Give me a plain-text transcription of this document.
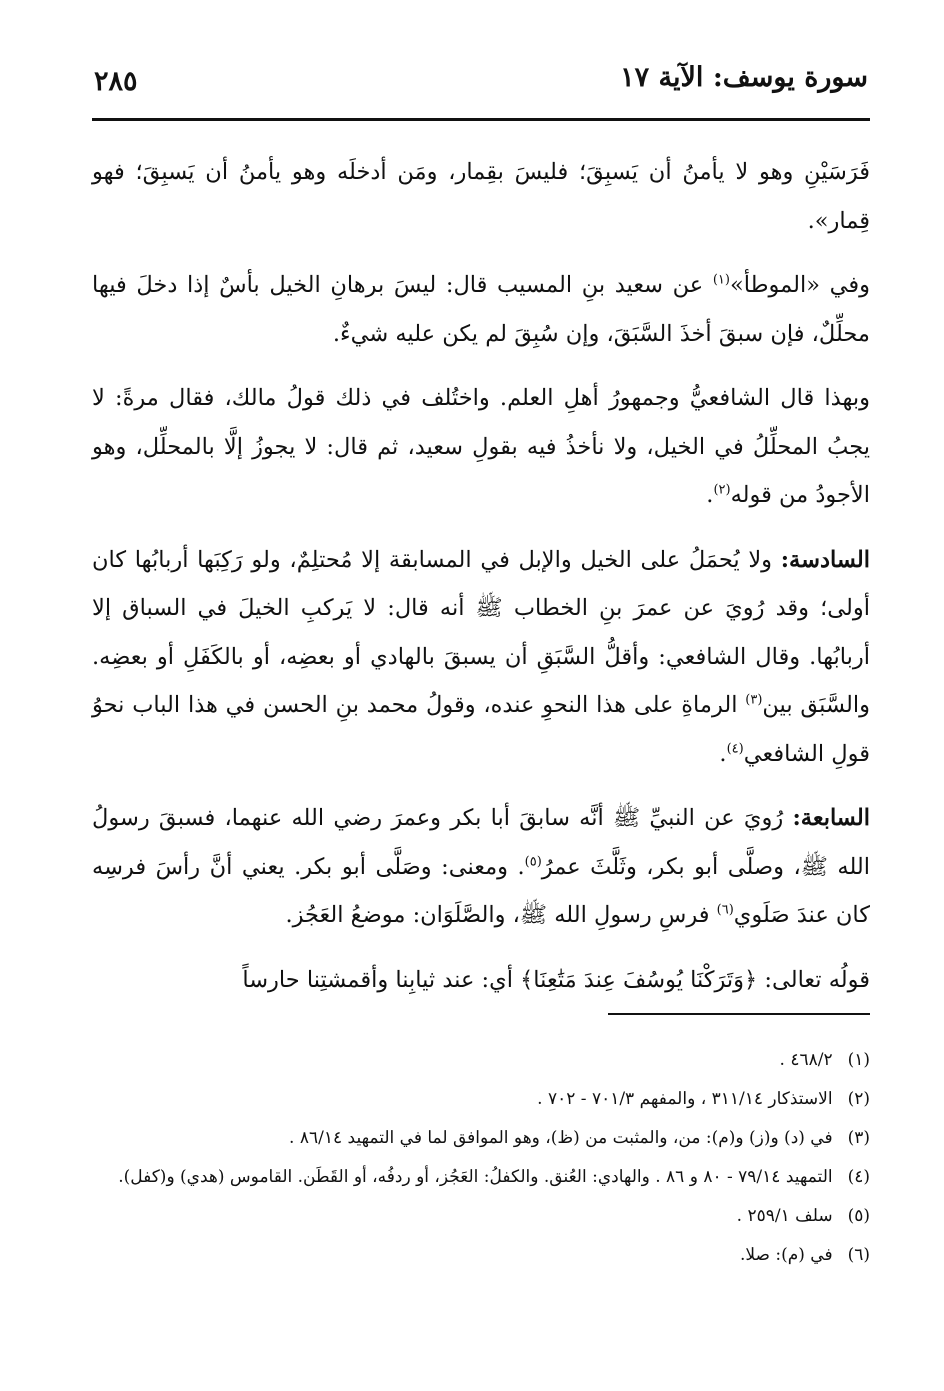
سورة يوسف: الآية ١٧
٢٨٥

فَرَسَيْنِ وهو لا يأمنُ أن يَسبِقَ؛ فليسَ بقِمار، ومَن أدخلَه وهو يأمنُ أن يَسبِقَ؛ فهو قِمار».

وفي «الموطأ»$^{(١)}$ عن سعيد بنِ المسيب قال: ليسَ برهانِ الخيل بأسٌ إذا دخلَ فيها محلِّلٌ، فإن سبقَ أخذَ السَّبَقَ، وإن سُبِقَ لم يكن عليه شيءٌ.

وبهذا قال الشافعيُّ وجمهورُ أهلِ العلم. واختُلف في ذلك قولُ مالك، فقال مرةً: لا يجبُ المحلِّلُ في الخيل، ولا نأخذُ فيه بقولِ سعيد، ثم قال: لا يجوزُ إلَّا بالمحلِّل، وهو الأجودُ من قوله$^{(٢)}$.

السادسة: ولا يُحمَلُ على الخيل والإبل في المسابقة إلا مُحتلِمٌ، ولو رَكِبَها أربابُها كان أولى؛ وقد رُويَ عن عمرَ بنِ الخطاب ﷺ أنه قال: لا يَركبِ الخيلَ في السباق إلا أربابُها. وقال الشافعي: وأقلُّ السَّبَقِ أن يسبقَ بالهادي أو بعضِه، أو بالكَفَلِ أو بعضِه. والسَّبَق بين$^{(٣)}$ الرماةِ على هذا النحوِ عنده، وقولُ محمد بنِ الحسن في هذا الباب نحوُ قولِ الشافعي$^{(٤)}$.

السابعة: رُويَ عن النبيِّ ﷺ أنَّه سابقَ أبا بكر وعمرَ رضي الله عنهما، فسبقَ رسولُ الله ﷺ، وصلَّى أبو بكر، وثَلَّثَ عمرُ$^{(٥)}$. ومعنى: وصَلَّى أبو بكر. يعني أنَّ رأسَ فرسِه كان عندَ صَلَوي$^{(٦)}$ فرسِ رسولِ الله ﷺ، والصَّلَوَان: موضعُ العَجُز.

قولُه تعالى: ﴿وَتَرَكْنَا يُوسُفَ عِندَ مَتَٰعِنَا﴾ أي: عند ثيابِنا وأقمشتِنا حارساً

(١) ٤٦٨/٢ .

(٢) الاستذكار ٣١١/١٤ ، والمفهم ٧٠١/٣ - ٧٠٢ .

(٣) في (د) و(ز) و(م): من، والمثبت من (ظ)، وهو الموافق لما في التمهيد ٨٦/١٤ .

(٤) التمهيد ٧٩/١٤ - ٨٠ و ٨٦ . والهادي: العُنق. والكفلُ: العَجُز، أو ردفُه، أو القَطَن. القاموس (هدي) و(كفل).

(٥) سلف ٢٥٩/١ .

(٦) في (م): صلا.
